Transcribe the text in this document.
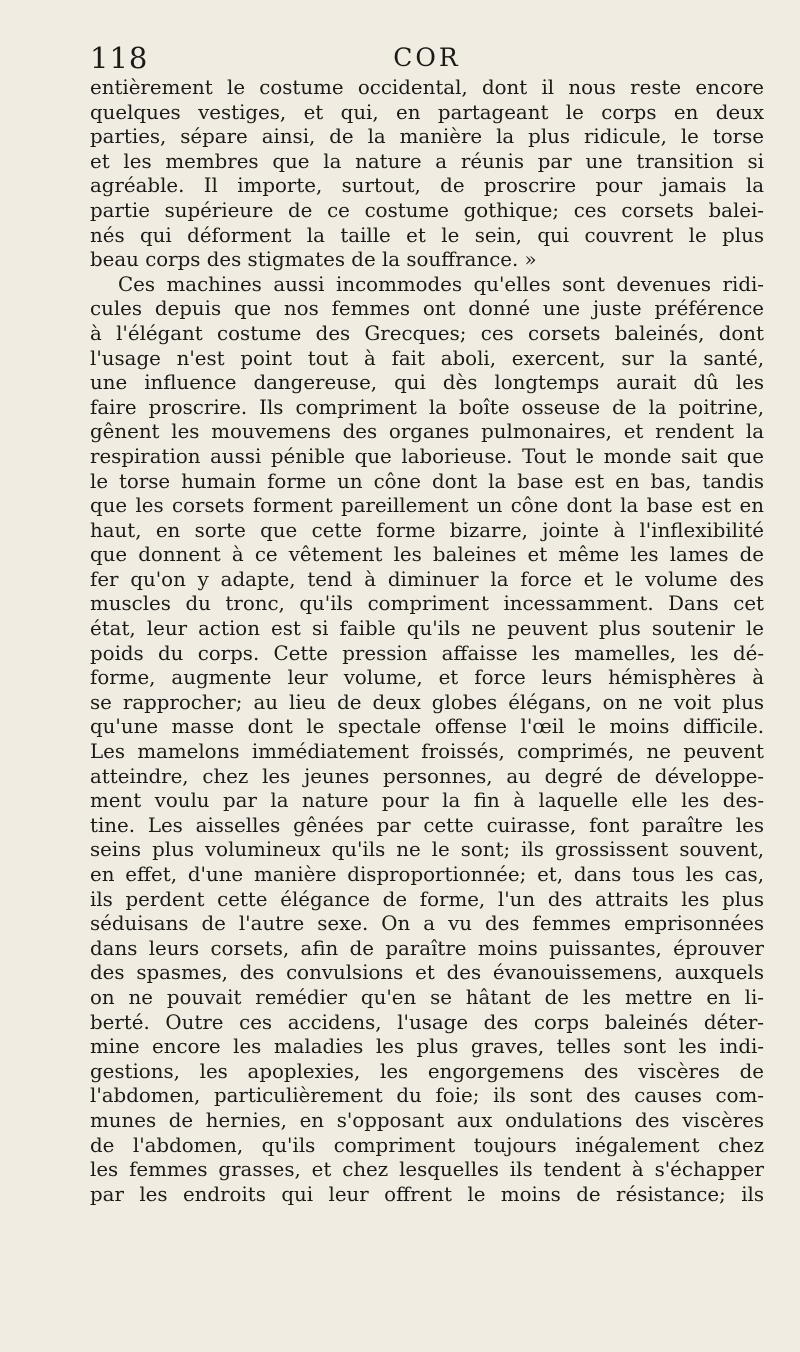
118	COR
entièrement le costume occidental, dont il nous reste encore
quelques vestiges, et qui, en partageant le corps en deux
parties, sépare ainsi, de la manière la plus ridicule, le torse
et les membres que la nature a réunis par une transition si
agréable. Il importe, surtout, de proscrire pour jamais la
partie supérieure de ce costume gothique; ces corsets balei-
nés qui déforment la taille et le sein, qui couvrent le plus
beau corps des stigmates de la souffrance. »
Ces machines aussi incommodes qu'elles sont devenues ridi-
cules depuis que nos femmes ont donné une juste préférence
à l'élégant costume des Grecques; ces corsets baleinés, dont
l'usage n'est point tout à fait aboli, exercent, sur la santé,
une influence dangereuse, qui dès longtemps aurait dû les
faire proscrire. Ils compriment la boîte osseuse de la poitrine,
gênent les mouvemens des organes pulmonaires, et rendent la
respiration aussi pénible que laborieuse. Tout le monde sait que
le torse humain forme un cône dont la base est en bas, tandis
que les corsets forment pareillement un cône dont la base est en
haut, en sorte que cette forme bizarre, jointe à l'inflexibilité
que donnent à ce vêtement les baleines et même les lames de
fer qu'on y adapte, tend à diminuer la force et le volume des
muscles du tronc, qu'ils compriment incessamment. Dans cet
état, leur action est si faible qu'ils ne peuvent plus soutenir le
poids du corps. Cette pression affaisse les mamelles, les dé-
forme, augmente leur volume, et force leurs hémisphères à
se rapprocher; au lieu de deux globes élégans, on ne voit plus
qu'une masse dont le spectale offense l'œil le moins difficile.
Les mamelons immédiatement froissés, comprimés, ne peuvent
atteindre, chez les jeunes personnes, au degré de développe-
ment voulu par la nature pour la fin à laquelle elle les des-
tine. Les aisselles gênées par cette cuirasse, font paraître les
seins plus volumineux qu'ils ne le sont; ils grossissent souvent,
en effet, d'une manière disproportionnée; et, dans tous les cas,
ils perdent cette élégance de forme, l'un des attraits les plus
séduisans de l'autre sexe. On a vu des femmes emprisonnées
dans leurs corsets, afin de paraître moins puissantes, éprouver
des spasmes, des convulsions et des évanouissemens, auxquels
on ne pouvait remédier qu'en se hâtant de les mettre en li-
berté. Outre ces accidens, l'usage des corps baleinés déter-
mine encore les maladies les plus graves, telles sont les indi-
gestions, les apoplexies, les engorgemens des viscères de
l'abdomen, particulièrement du foie; ils sont des causes com-
munes de hernies, en s'opposant aux ondulations des viscères
de l'abdomen, qu'ils compriment toujours inégalement chez
les femmes grasses, et chez lesquelles ils tendent à s'échapper
par les endroits qui leur offrent le moins de résistance; ils
